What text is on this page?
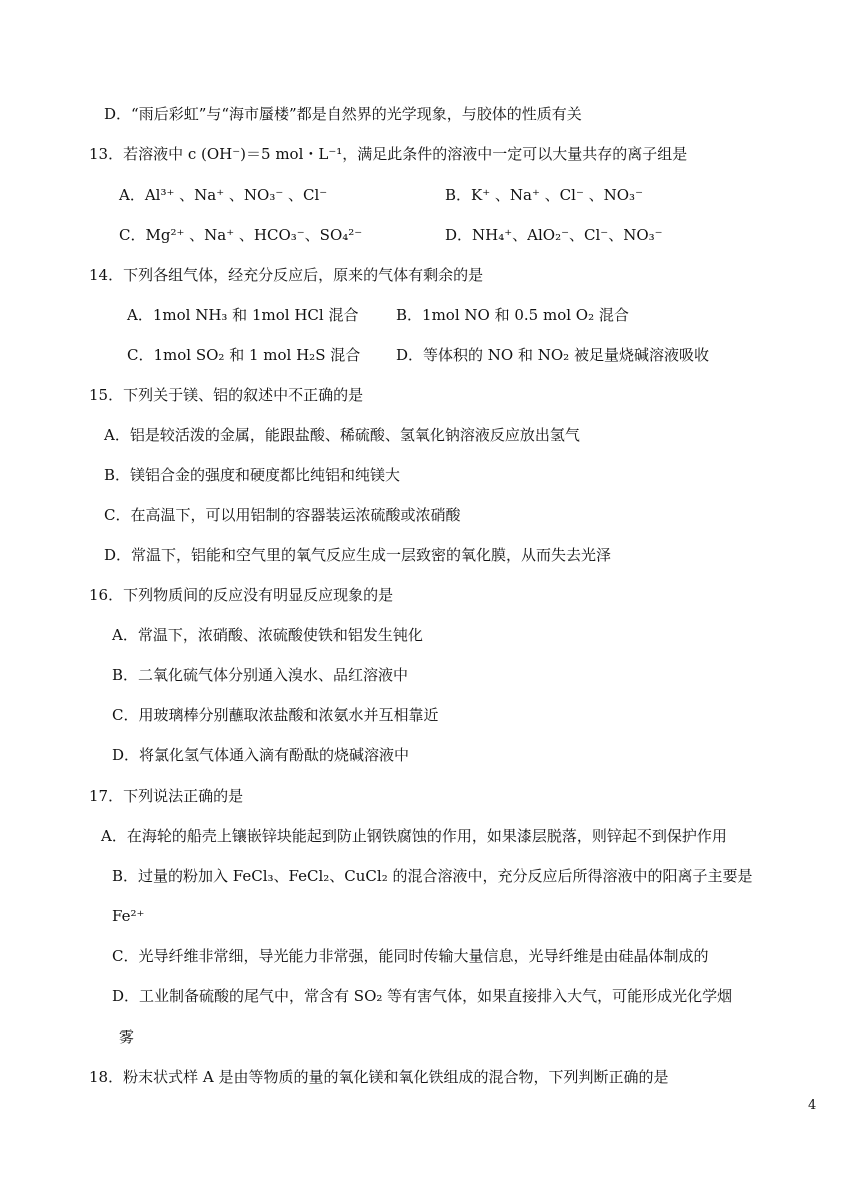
D．“雨后彩虹”与“海市蜃楼”都是自然界的光学现象，与胶体的性质有关
13．若溶液中 c (OH⁻)＝5 mol・L⁻¹，满足此条件的溶液中一定可以大量共存的离子组是
A．Al³⁺ 、Na⁺ 、NO₃⁻ 、Cl⁻	B．K⁺ 、Na⁺ 、Cl⁻ 、NO₃⁻
C．Mg²⁺ 、Na⁺ 、HCO₃⁻、SO₄²⁻	D．NH₄⁺、AlO₂⁻、Cl⁻、NO₃⁻
14．下列各组气体，经充分反应后，原来的气体有剩余的是
A．1mol NH₃ 和 1mol HCl 混合	B．1mol NO 和 0.5 mol O₂ 混合
C．1mol SO₂ 和 1 mol H₂S 混合 D．等体积的 NO 和 NO₂ 被足量烧碱溶液吸收
15．下列关于镁、铝的叙述中不正确的是
A．铝是较活泼的金属，能跟盐酸、稀硫酸、氢氧化钠溶液反应放出氢气
B．镁铝合金的强度和硬度都比纯铝和纯镁大
C．在高温下，可以用铝制的容器装运浓硫酸或浓硝酸
D．常温下，铝能和空气里的氧气反应生成一层致密的氧化膜，从而失去光泽
16．下列物质间的反应没有明显反应现象的是
A．常温下，浓硝酸、浓硫酸使铁和铝发生钝化
B．二氧化硫气体分别通入溴水、品红溶液中
C．用玻璃棒分别蘸取浓盐酸和浓氨水并互相靠近
D．将氯化氢气体通入滴有酚酞的烧碱溶液中
17．下列说法正确的是
A．在海轮的船壳上镶嵌锌块能起到防止钢铁腐蚀的作用，如果漆层脱落，则锌起不到保护作用
B．过量的粉加入 FeCl₃、FeCl₂、CuCl₂ 的混合溶液中，充分反应后所得溶液中的阳离子主要是
Fe²⁺
C．光导纤维非常细，导光能力非常强，能同时传输大量信息，光导纤维是由硅晶体制成的
D．工业制备硫酸的尾气中，常含有 SO₂ 等有害气体，如果直接排入大气，可能形成光化学烟
雾
18．粉末状式样 A 是由等物质的量的氧化镁和氧化铁组成的混合物，下列判断正确的是
4
